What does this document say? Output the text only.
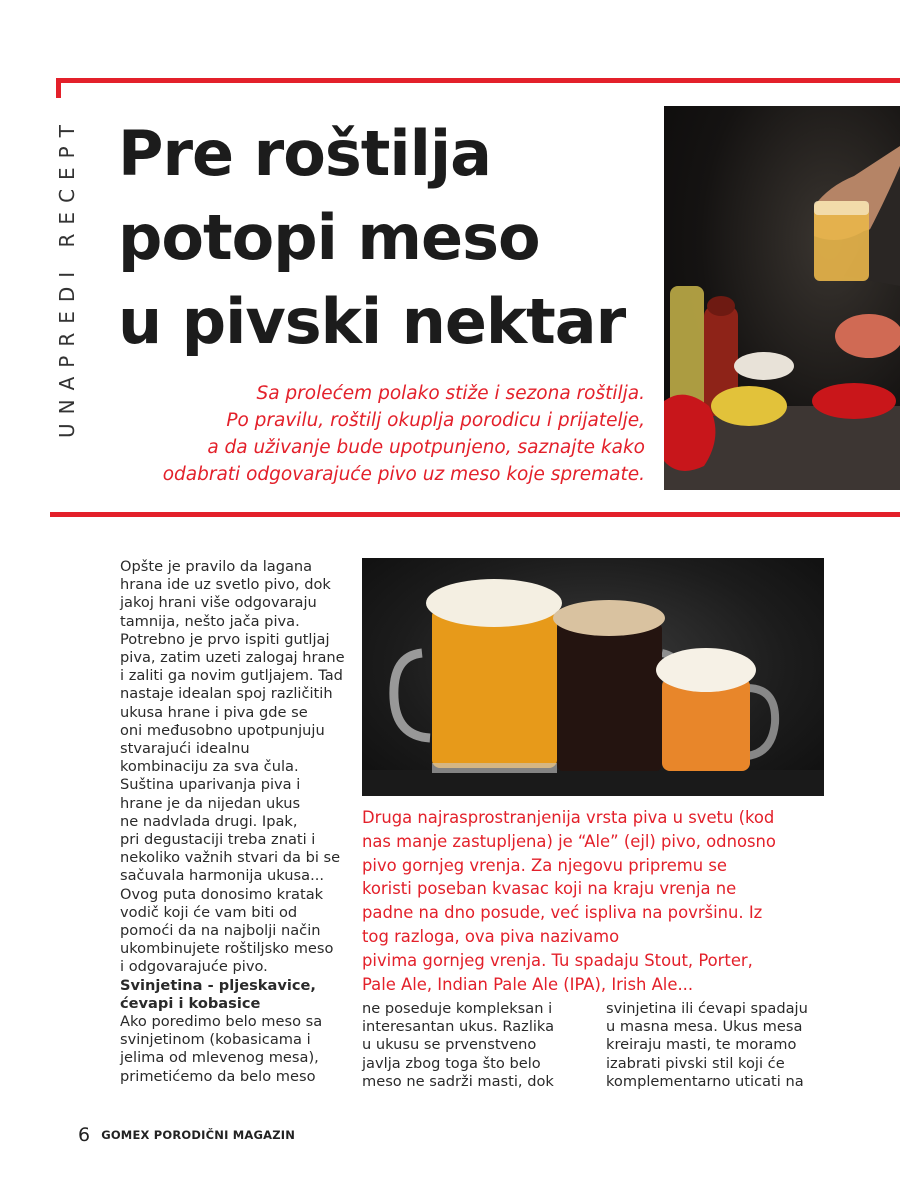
UNAPREDI RECEPT Pre roštilja
potopi meso
u pivski nektar
Sa prolećem polako stiže i sezona roštilja.
Po pravilu, roštilj okuplja porodicu i prijatelje,
a da uživanje bude upotpunjeno, saznajte kako
odabrati odgovarajuće pivo uz meso koje spremate.
Opšte je pravilo da lagana
hrana ide uz svetlo pivo, dok
jakoj hrani više odgovaraju
tamnija, nešto jača piva.
Potrebno je prvo ispiti gutljaj
piva, zatim uzeti zalogaj hrane
i zaliti ga novim gutljajem. Tad
nastaje idealan spoj različitih
ukusa hrane i piva gde se
oni međusobno upotpunjuju
stvarajući idealnu
kombinaciju za sva čula.
Suština uparivanja piva i
hrane je da nijedan ukus
ne nadvlada drugi. Ipak,
pri degustaciji treba znati i
nekoliko važnih stvari da bi se
sačuvala harmonija ukusa...
Ovog puta donosimo kratak
vodič koji će vam biti od
pomoći da na najbolji način
ukombinujete roštiljsko meso
i odgovarajuće pivo.
Svinjetina - pljeskavice,
ćevapi i kobasice
Ako poredimo belo meso sa
svinjetinom (kobasicama i
jelima od mlevenog mesa),
primetićemo da belo meso
Druga najrasprostranjenija vrsta piva u svetu (kod
nas manje zastupljena) je “Ale” (ejl) pivo, odnosno
pivo gornjeg vrenja. Za njegovu pripremu se
koristi poseban kvasac koji na kraju vrenja ne
padne na dno posude, već ispliva na površinu. Iz
tog razloga, ova piva nazivamo
pivima gornjeg vrenja. Tu spadaju Stout, Porter,
Pale Ale, Indian Pale Ale (IPA), Irish Ale...
ne poseduje kompleksan i
interesantan ukus. Razlika
u ukusu se prvenstveno
javlja zbog toga što belo
meso ne sadrži masti, dok
svinjetina ili ćevapi spadaju
u masna mesa. Ukus mesa
kreiraju masti, te moramo
izabrati pivski stil koji će
komplementarno uticati na
6 GOMEX PORODIČNI MAGAZIN
